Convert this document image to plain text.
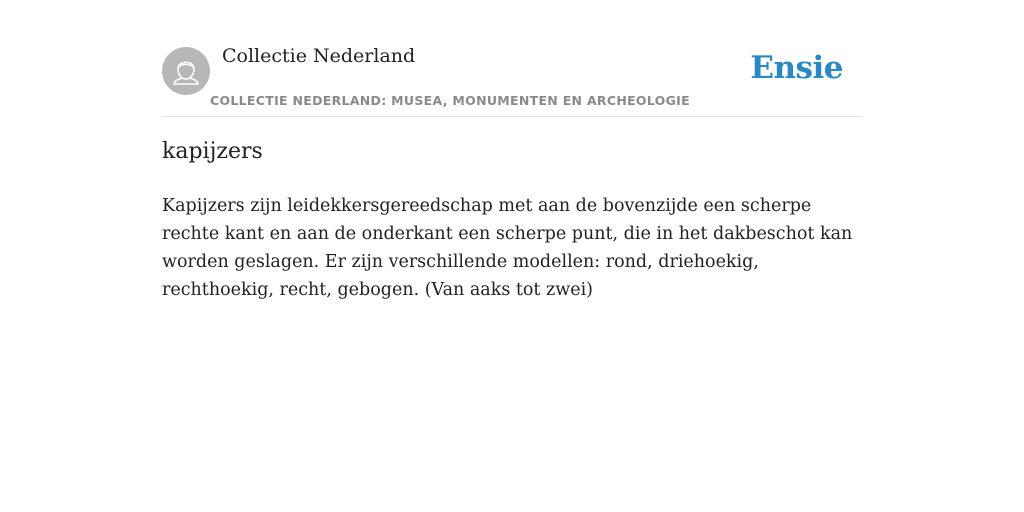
Collectie Nederland
COLLECTIE NEDERLAND: MUSEA, MONUMENTEN EN ARCHEOLOGIE
Ensie
kapijzers

Kapijzers zijn leidekkersgereedschap met aan de bovenzijde een scherpe rechte kant en aan de onderkant een scherpe punt, die in het dakbeschot kan worden geslagen. Er zijn verschillende modellen: rond, driehoekig, rechthoekig, recht, gebogen. (Van aaks tot zwei)
